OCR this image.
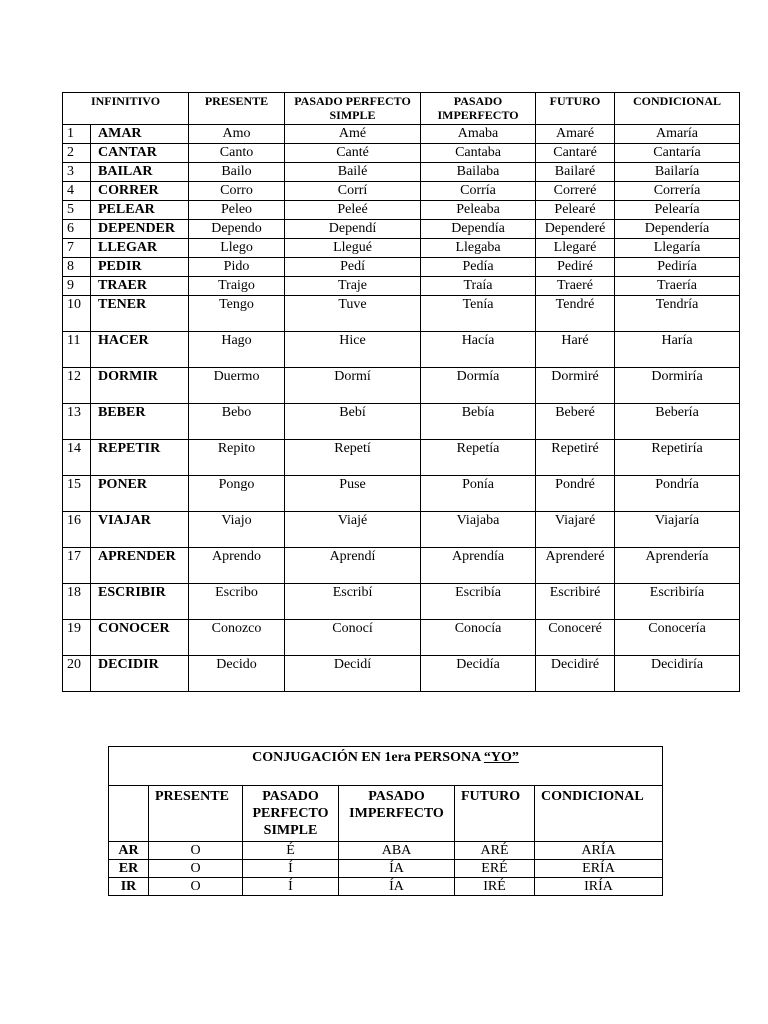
INFINITIVO		PRESENTE	PASADO PERFECTO SIMPLE	PASADO IMPERFECTO	FUTURO	CONDICIONAL
1	AMAR	Amo	Amé	Amaba	Amaré	Amaría
2	CANTAR	Canto	Canté	Cantaba	Cantaré	Cantaría
3	BAILAR	Bailo	Bailé	Bailaba	Bailaré	Bailaría
4	CORRER	Corro	Corrí	Corría	Correré	Correría
5	PELEAR	Peleo	Peleé	Peleaba	Pelearé	Pelearía
6	DEPENDER	Dependo	Dependí	Dependía	Dependeré	Dependería
7	LLEGAR	Llego	Llegué	Llegaba	Llegaré	Llegaría
8	PEDIR	Pido	Pedí	Pedía	Pediré	Pediría
9	TRAER	Traigo	Traje	Traía	Traeré	Traería
10	TENER	Tengo	Tuve	Tenía	Tendré	Tendría
11	HACER	Hago	Hice	Hacía	Haré	Haría
12	DORMIR	Duermo	Dormí	Dormía	Dormiré	Dormiría
13	BEBER	Bebo	Bebí	Bebía	Beberé	Bebería
14	REPETIR	Repito	Repetí	Repetía	Repetiré	Repetiría
15	PONER	Pongo	Puse	Ponía	Pondré	Pondría
16	VIAJAR	Viajo	Viajé	Viajaba	Viajaré	Viajaría
17	APRENDER	Aprendo	Aprendí	Aprendía	Aprenderé	Aprendería
18	ESCRIBIR	Escribo	Escribí	Escribía	Escribiré	Escribiría
19	CONOCER	Conozco	Conocí	Conocía	Conoceré	Conocería
20	DECIDIR	Decido	Decidí	Decidía	Decidiré	Decidiría
CONJUGACIÓN EN 1era PERSONA “YO”					
	PRESENTE	PASADO PERFECTO SIMPLE	PASADO IMPERFECTO	FUTURO	CONDICIONAL
AR	O	É	ABA	ARÉ	ARÍA
ER	O	Í	ÍA	ERÉ	ERÍA
IR	O	Í	ÍA	IRÉ	IRÍA
